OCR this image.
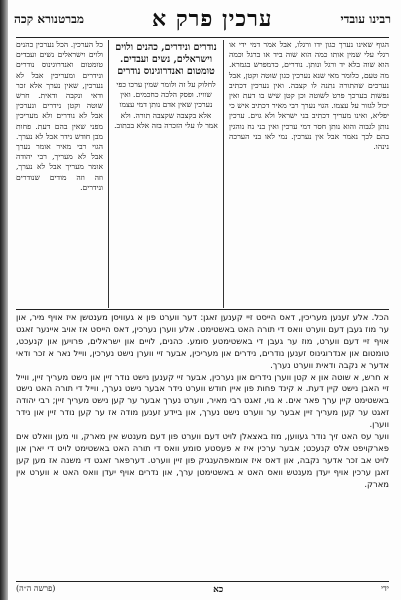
רבינו עובדי
ערכין פרק א
מברטנורא קכה
הגוף שאינו נערך כגון ידו ורגלו, אבל אמר דמי ידי או רגלי עלי שמין אותו כמה הוא שוה ביד או ברגל וכמה הוא שוה בלא יד ורגל ונותן. נודרים, כדמפרש בגמרא. מה טעם, כלומר מאי שנא נערכין כגון שוטה וקטן, אבל נערכים שהתורה נתנה לו קצבה. ואין נערכין דכתיב נפשות בערכך פרט לשוטה וכן קטן שיש בו דעת ואין יכול לגזור על עצמו. הגוי נערך רבי מאיר דכתיב איש כי יפליא, ואינו מעריך דכתיב בני ישראל ולא גוים. ערכין נותן לגבוה והוא נותן חסר דמי ערכין ואין בני נח נוהגין בהם לכך נאמר אבל אין נערכין. נמי לאו בני הערכה נינהו.
נודרים ונידרים, כהנים ולוים וישראלים, נשים ועבדים. טומטום ואנדרוגינוס נודרים
לחלוק על זה ולומר שמין ערכו כפי שוויו. ופסק הלכה כחכמים. ואין נערכין שאין אדם נותן דמי עצמו אלא בקצבה שקצבה תורה. ולא אמר לו עלי הזכרה בזה אלא בכתוב.
כל הערכין. הכל נערכין כהנים ולוים וישראלים נשים ועבדים טומטום ואנדרוגינוס נודרים ונידרים ומעריכין אבל לא נערכין, שאין נערך אלא זכר ודאי ונקבה ודאית. חרש שוטה וקטן נידרים ונערכין אבל לא נודרים ולא מעריכין מפני שאין בהם דעת. פחות מבן חודש נידר אבל לא נערך. הגוי רבי מאיר אומר נערך אבל לא מעריך, רבי יהודה אומר מעריך אבל לא נערך, וזה וזה מודים שנודרים ונידרים.

הכל. אלע זענען מעריכין, דאס הייסט זיי קענען זאגן: דער ווערט פון א געוויסן מענטשן איז אויף מיר, און ער מוז געבן דעם ווערט וואס די תורה האט באשטימט. אלע ווערן נערכין, דאס הייסט אז אויב איינער זאגט אויף זיי דעם ווערט, מוז ער געבן די באשטימטע סומע. כהנים, לויים און ישראלים, פרויען און קנעכט, טומטום און אנדרוגינוס זענען נודרים, נידרים און מעריכין, אבער זיי ווערן נישט נערכין, ווייל נאר א זכר ודאי אדער א נקבה ודאית ווערט נערך.

א חרש, א שוטה און א קטן ווערן נידרים און נערכין, אבער זיי קענען נישט נודר זיין און נישט מעריך זיין, ווייל זיי האבן נישט קיין דעת. א קינד פחות פון איין חודש ווערט נידר אבער נישט נערך, ווייל די תורה האט נישט באשטימט קיין ערך פאר אים. א גוי, זאגט רבי מאיר, ווערט נערך אבער ער קען נישט מעריך זיין; רבי יהודה זאגט ער קען מעריך זיין אבער ער ווערט נישט נערך, און ביידע זענען מודה אז ער קען נודר זיין און נידר ווערן.

ווער עס האט זיך נודר געווען, מוז באצאלן לויט דעם ווערט פון דעם מענטש אין מארק, ווי מען וואלט אים פארקויפט אלס קנעכט; אבער ערכין איז א פעסטע סומע וואס די תורה האט באשטימט לויט די יארן און לויט אב זכר אדער נקבה, און דאס איז אומאפהענגיק פון זיין ווערט. דערפאר זאגט די משנה אז מען קען זאגן ערכין אויף יעדן מענטש וואס האט א באשטימטן ערך, און נדרים אויף יעדן וואס האט א ווערט אין מארק.

ידי
כא
(פרשה ה״ה)
